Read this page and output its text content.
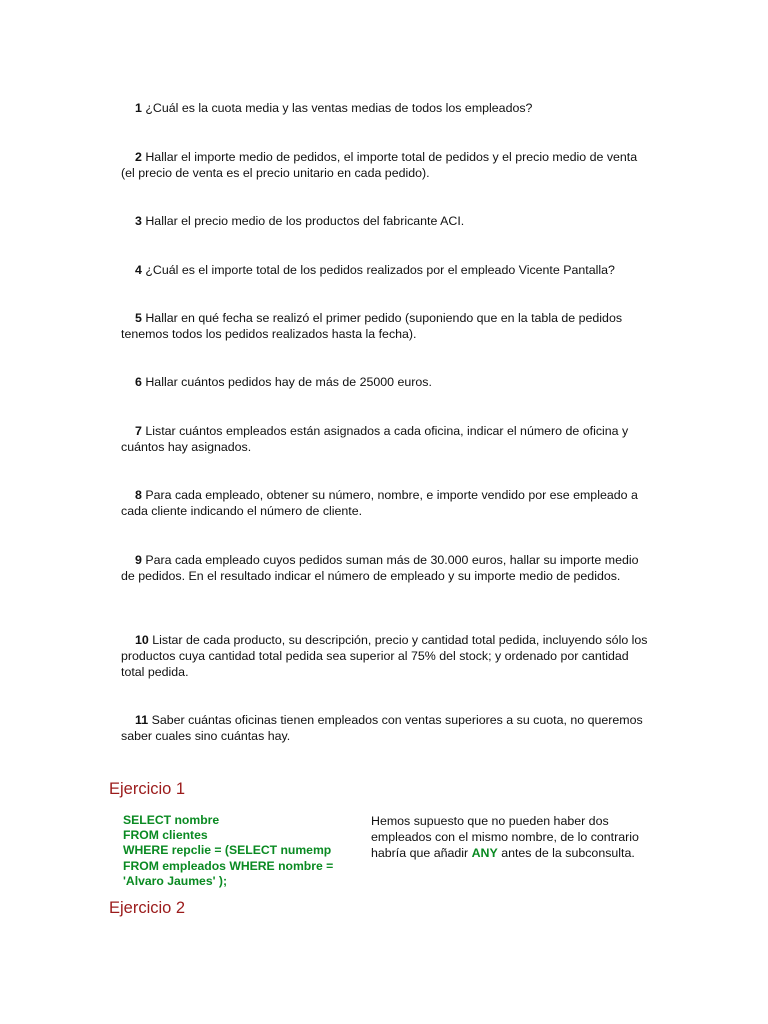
1 ¿Cuál es la cuota media y las ventas medias de todos los empleados?

2 Hallar el importe medio de pedidos, el importe total de pedidos y el precio medio de venta (el precio de venta es el precio unitario en cada pedido).

3 Hallar el precio medio de los productos del fabricante ACI.

4 ¿Cuál es el importe total de los pedidos realizados por el empleado Vicente Pantalla?

5 Hallar en qué fecha se realizó el primer pedido (suponiendo que en la tabla de pedidos tenemos todos los pedidos realizados hasta la fecha).

6 Hallar cuántos pedidos hay de más de 25000 euros.

7 Listar cuántos empleados están asignados a cada oficina, indicar el número de oficina y cuántos hay asignados.

8 Para cada empleado, obtener su número, nombre, e importe vendido por ese empleado a cada cliente indicando el número de cliente.

9 Para cada empleado cuyos pedidos suman más de 30.000 euros, hallar su importe medio de pedidos. En el resultado indicar el número de empleado y su importe medio de pedidos.

10 Listar de cada producto, su descripción, precio y cantidad total pedida, incluyendo sólo los productos cuya cantidad total pedida sea superior al 75% del stock; y ordenado por cantidad total pedida.

11 Saber cuántas oficinas tienen empleados con ventas superiores a su cuota, no queremos saber cuales sino cuántas hay.

Ejercicio 1
SELECT nombre
FROM clientes
WHERE repclie = (SELECT numemp
FROM empleados WHERE nombre =
'Alvaro Jaumes' );

Hemos supuesto que no pueden haber dos empleados con el mismo nombre, de lo contrario habría que añadir ANY antes de la subconsulta.

Ejercicio 2
